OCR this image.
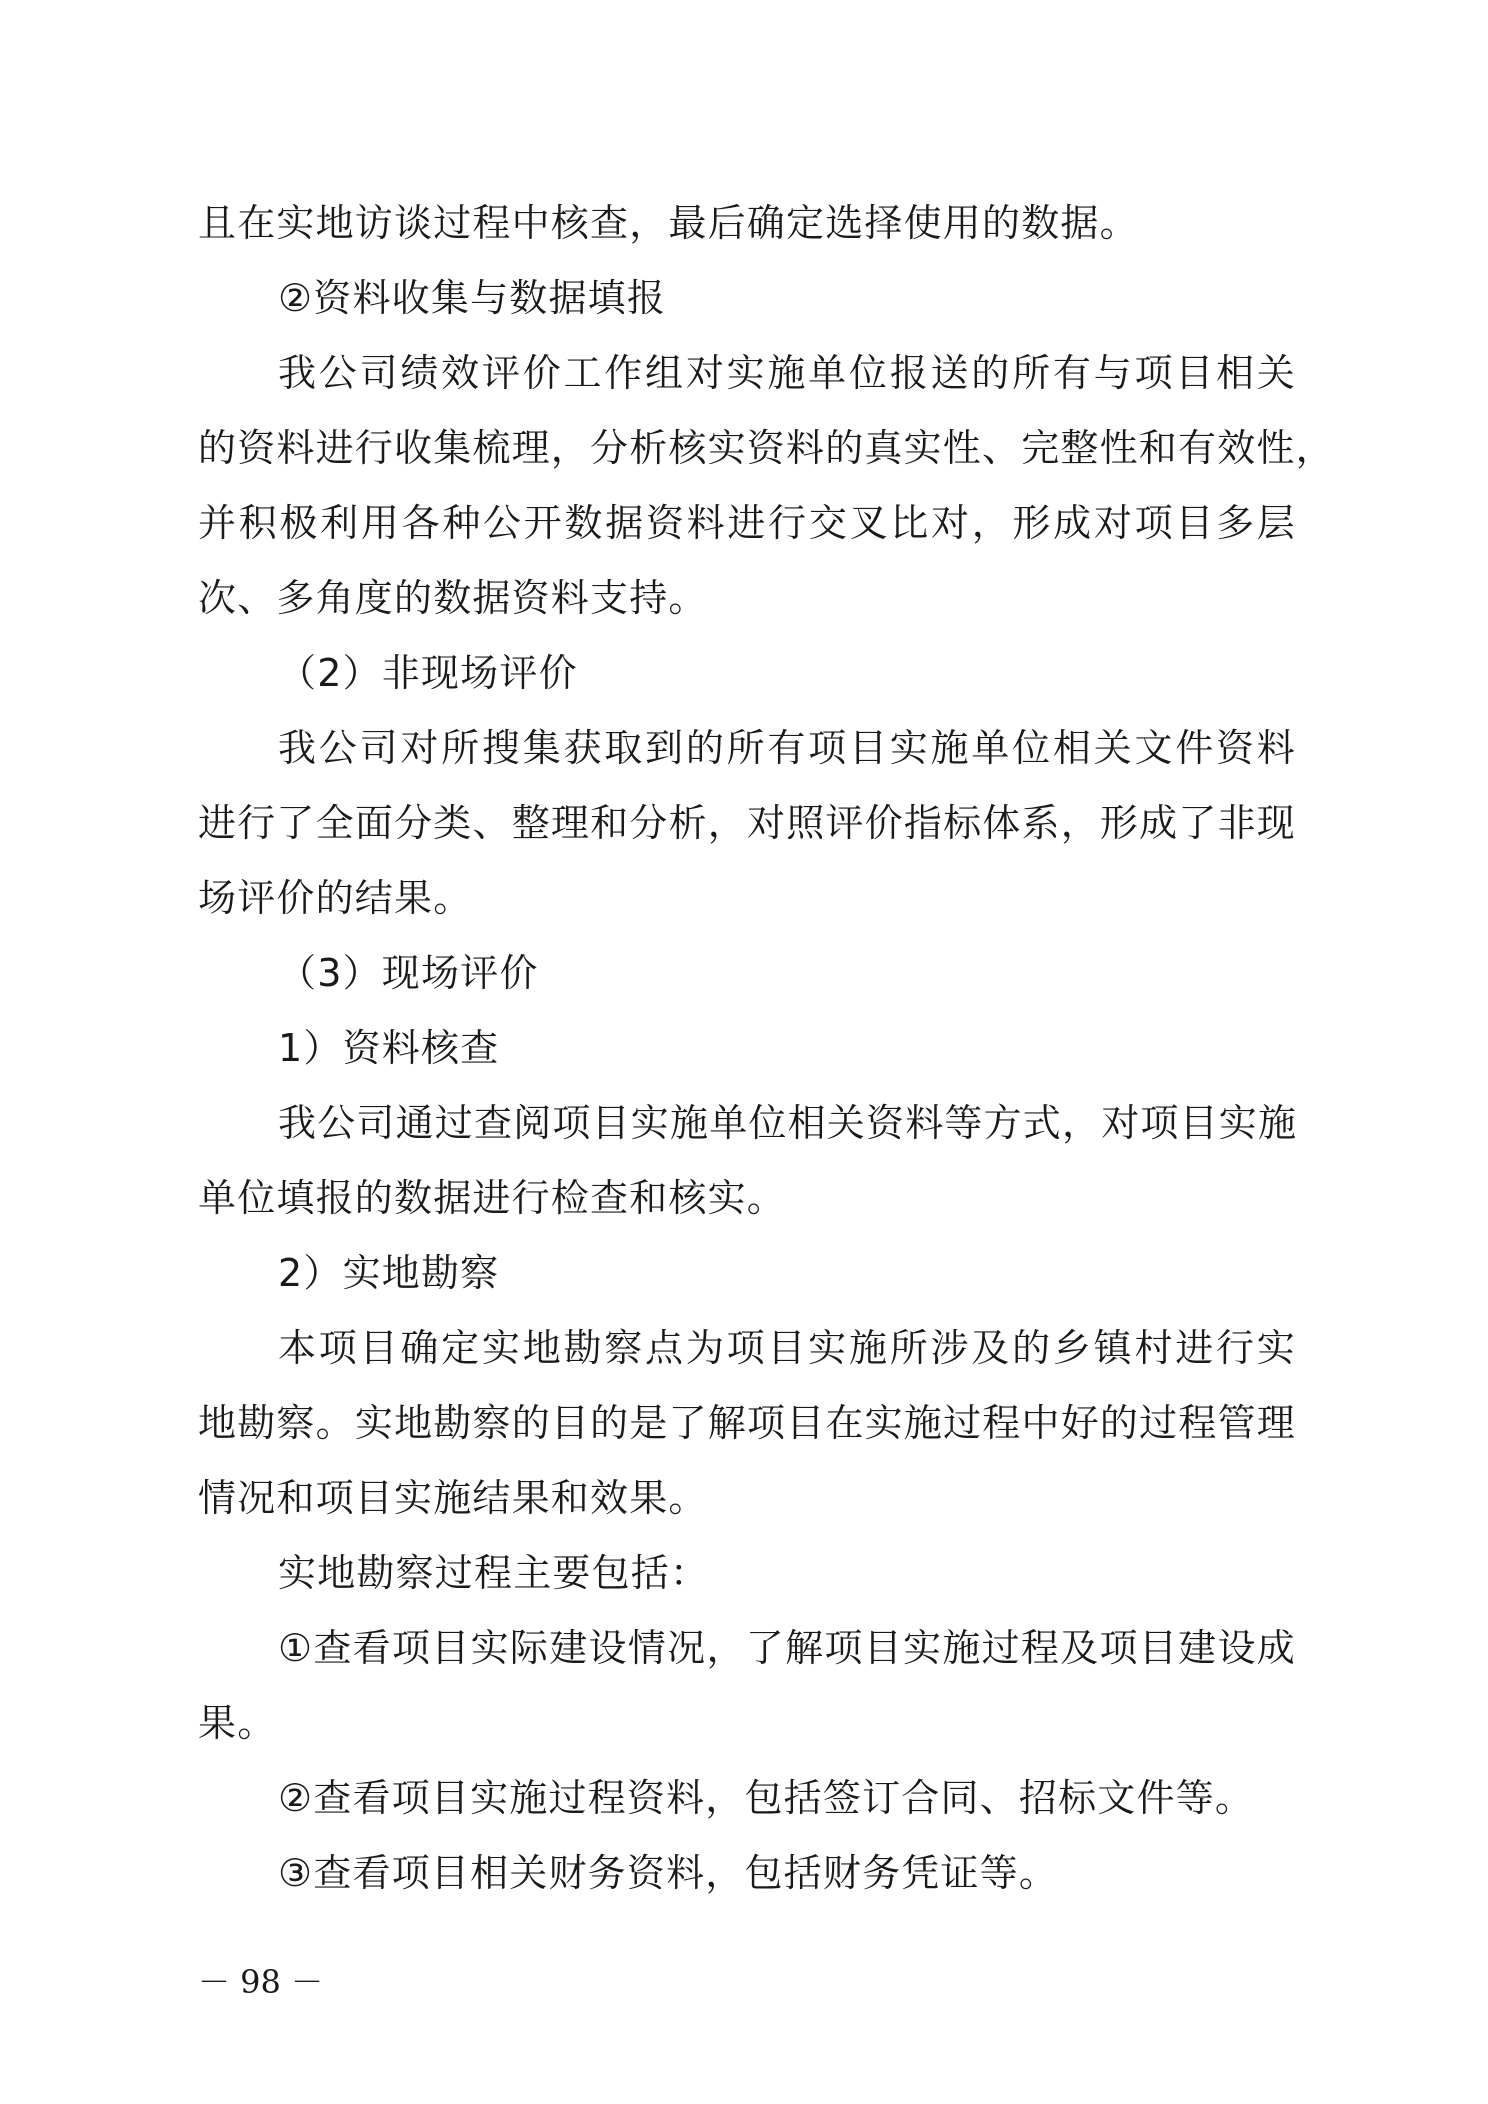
且在实地访谈过程中核查，最后确定选择使用的数据。
②资料收集与数据填报
我公司绩效评价工作组对实施单位报送的所有与项目相关
的资料进行收集梳理，分析核实资料的真实性、完整性和有效性，
并积极利用各种公开数据资料进行交叉比对，形成对项目多层
次、多角度的数据资料支持。
（2）非现场评价
我公司对所搜集获取到的所有项目实施单位相关文件资料
进行了全面分类、整理和分析，对照评价指标体系，形成了非现
场评价的结果。
（3）现场评价
1）资料核查
我公司通过查阅项目实施单位相关资料等方式，对项目实施
单位填报的数据进行检查和核实。
2）实地勘察
本项目确定实地勘察点为项目实施所涉及的乡镇村进行实
地勘察。实地勘察的目的是了解项目在实施过程中好的过程管理
情况和项目实施结果和效果。
实地勘察过程主要包括：
①查看项目实际建设情况，了解项目实施过程及项目建设成
果。
②查看项目实施过程资料，包括签订合同、招标文件等。
③查看项目相关财务资料，包括财务凭证等。
－ 98 －
